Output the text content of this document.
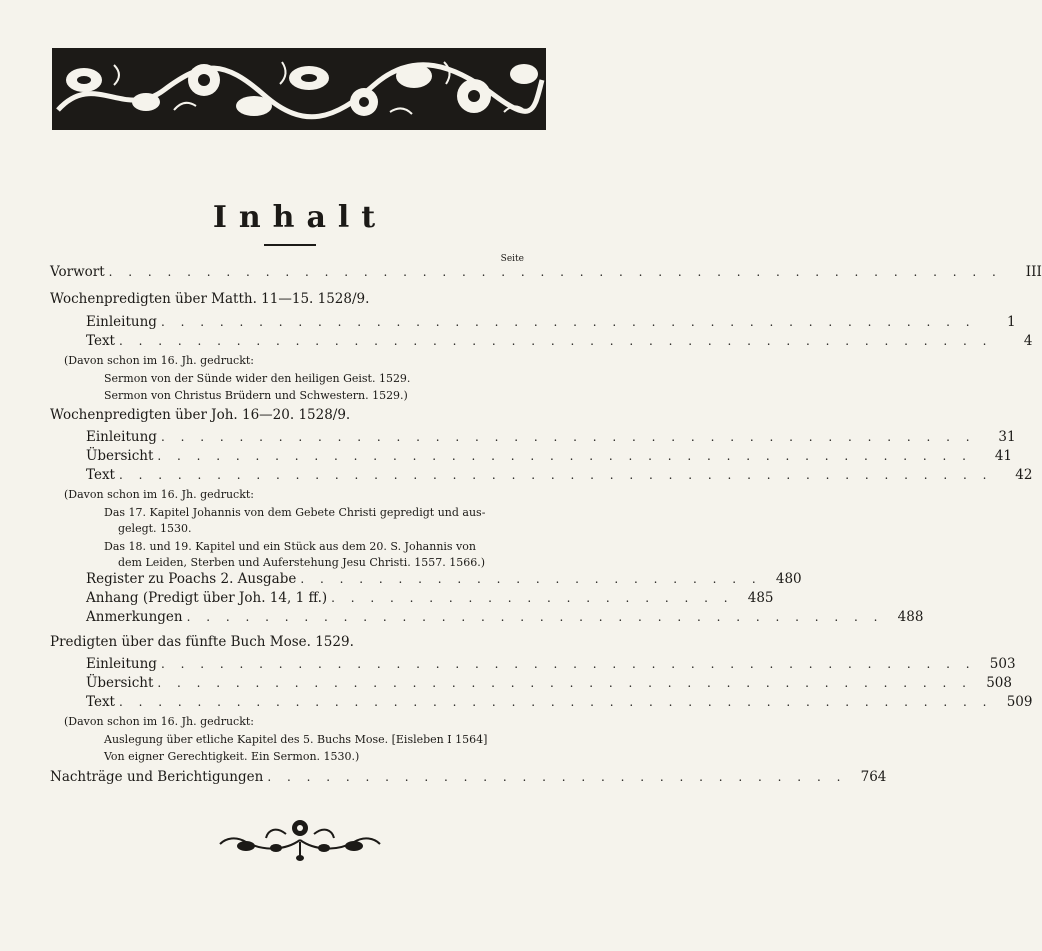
Inhalt
Seite
Vorwort . . . . . . . . . . . . . . . . . . . . . . . . . . . . . . . . . . . . . . . . . . . . . .	III
Wochenpredigten über Matth. 11—15. 1528/9.
Einleitung . . . . . . . . . . . . . . . . . . . . . . . . . . . . . . . . . . . . . . . . . .	1
Text . . . . . . . . . . . . . . . . . . . . . . . . . . . . . . . . . . . . . . . . . . . . .	4
(Davon schon im 16. Jh. gedruckt:
Sermon von der Sünde wider den heiligen Geist. 1529.
Sermon von Christus Brüdern und Schwestern. 1529.)
Wochenpredigten über Joh. 16—20. 1528/9.
Einleitung . . . . . . . . . . . . . . . . . . . . . . . . . . . . . . . . . . . . . . . . . .	31
Übersicht . . . . . . . . . . . . . . . . . . . . . . . . . . . . . . . . . . . . . . . . . .	41
Text . . . . . . . . . . . . . . . . . . . . . . . . . . . . . . . . . . . . . . . . . . . . .	42
(Davon schon im 16. Jh. gedruckt:
Das 17. Kapitel Johannis von dem Gebete Christi gepredigt und aus-
gelegt. 1530.
Das 18. und 19. Kapitel und ein Stück aus dem 20. S. Johannis von
dem Leiden, Sterben und Auferstehung Jesu Christi. 1557. 1566.)
Register zu Poachs 2. Ausgabe . . . . . . . . . . . . . . . . . . . . . . . .	480
Anhang (Predigt über Joh. 14, 1 ff.) . . . . . . . . . . . . . . . . . . . . .	485
Anmerkungen . . . . . . . . . . . . . . . . . . . . . . . . . . . . . . . . . . . .	488
Predigten über das fünfte Buch Mose. 1529.
Einleitung . . . . . . . . . . . . . . . . . . . . . . . . . . . . . . . . . . . . . . . . . .	503
Übersicht . . . . . . . . . . . . . . . . . . . . . . . . . . . . . . . . . . . . . . . . . .	508
Text . . . . . . . . . . . . . . . . . . . . . . . . . . . . . . . . . . . . . . . . . . . . .	509
(Davon schon im 16. Jh. gedruckt:
Auslegung über etliche Kapitel des 5. Buchs Mose. [Eisleben I 1564]
Von eigner Gerechtigkeit. Ein Sermon. 1530.)
Nachträge und Berichtigungen . . . . . . . . . . . . . . . . . . . . . . . . . . . . . .	764
